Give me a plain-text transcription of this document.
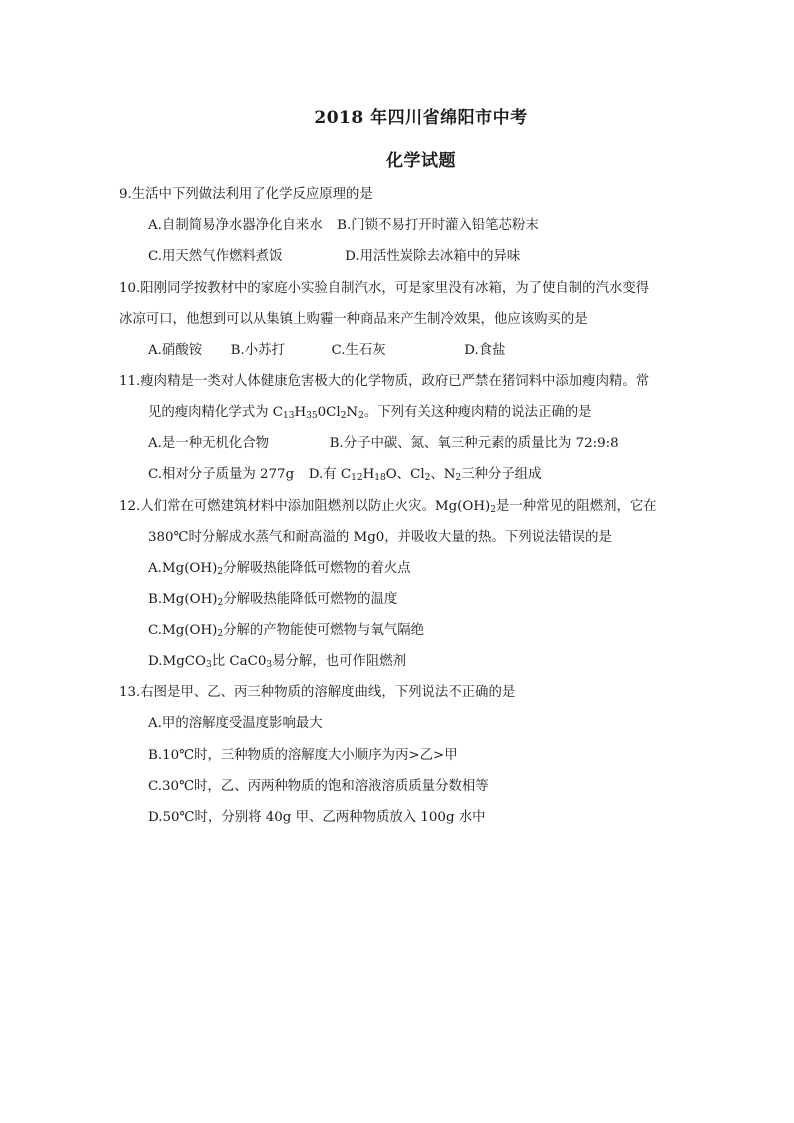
2018 年四川省绵阳市中考
化学试题
9.生活中下列做法利用了化学反应原理的是
A.自制简易净水器净化自来水 B.门锁不易打开时灌入铅笔芯粉末
C.用天然气作燃料煮饭	D.用活性炭除去冰箱中的异味
10.阳刚同学按教材中的家庭小实验自制汽水，可是家里没有冰箱，为了使自制的汽水变得
冰凉可口，他想到可以从集镇上购霾一种商品来产生制冷效果，他应该购买的是
A.硝酸铵 B.小苏打	C.生石灰	D.食盐
11.瘦肉精是一类对人体健康危害极大的化学物质，政府已严禁在猪饲料中添加瘦肉精。常
见的瘦肉精化学式为 $C_{13}H_{35}0Cl_2N_2$。下列有关这种瘦肉精的说法正确的是
A.是一种无机化合物	B.分子中碳、氮、氧三种元素的质量比为 72:9:8
C.相对分子质量为 277g D.有 $C_{12}H_{18}O$、$Cl_2$、$N_2$三种分子组成
12.人们常在可燃建筑材料中添加阻燃剂以防止火灾。$Mg(OH)_2$是一种常见的阻燃剂，它在
380℃时分解成水蒸气和耐高溢的 Mg0，并吸收大量的热。下列说法错误的是
$A.Mg(OH)_2$分解吸热能降低可燃物的着火点
$B.Mg(OH)_2$分解吸热能降低可燃物的温度
$C.Mg(OH)_2$分解的产物能使可燃物与氧气隔绝
D.MgCO$_3$比 $CaC0_3$易分解，也可作阻燃剂
13.右图是甲、乙、丙三种物质的溶解度曲线，下列说法不正确的是
A.甲的溶解度受温度影响最大
B.10℃时，三种物质的溶解度大小顺序为丙>乙>甲
C.30℃时，乙、丙两种物质的饱和溶液溶质质量分数相等
D.50℃时，分别将 40g 甲、乙两种物质放入 100g 水中
